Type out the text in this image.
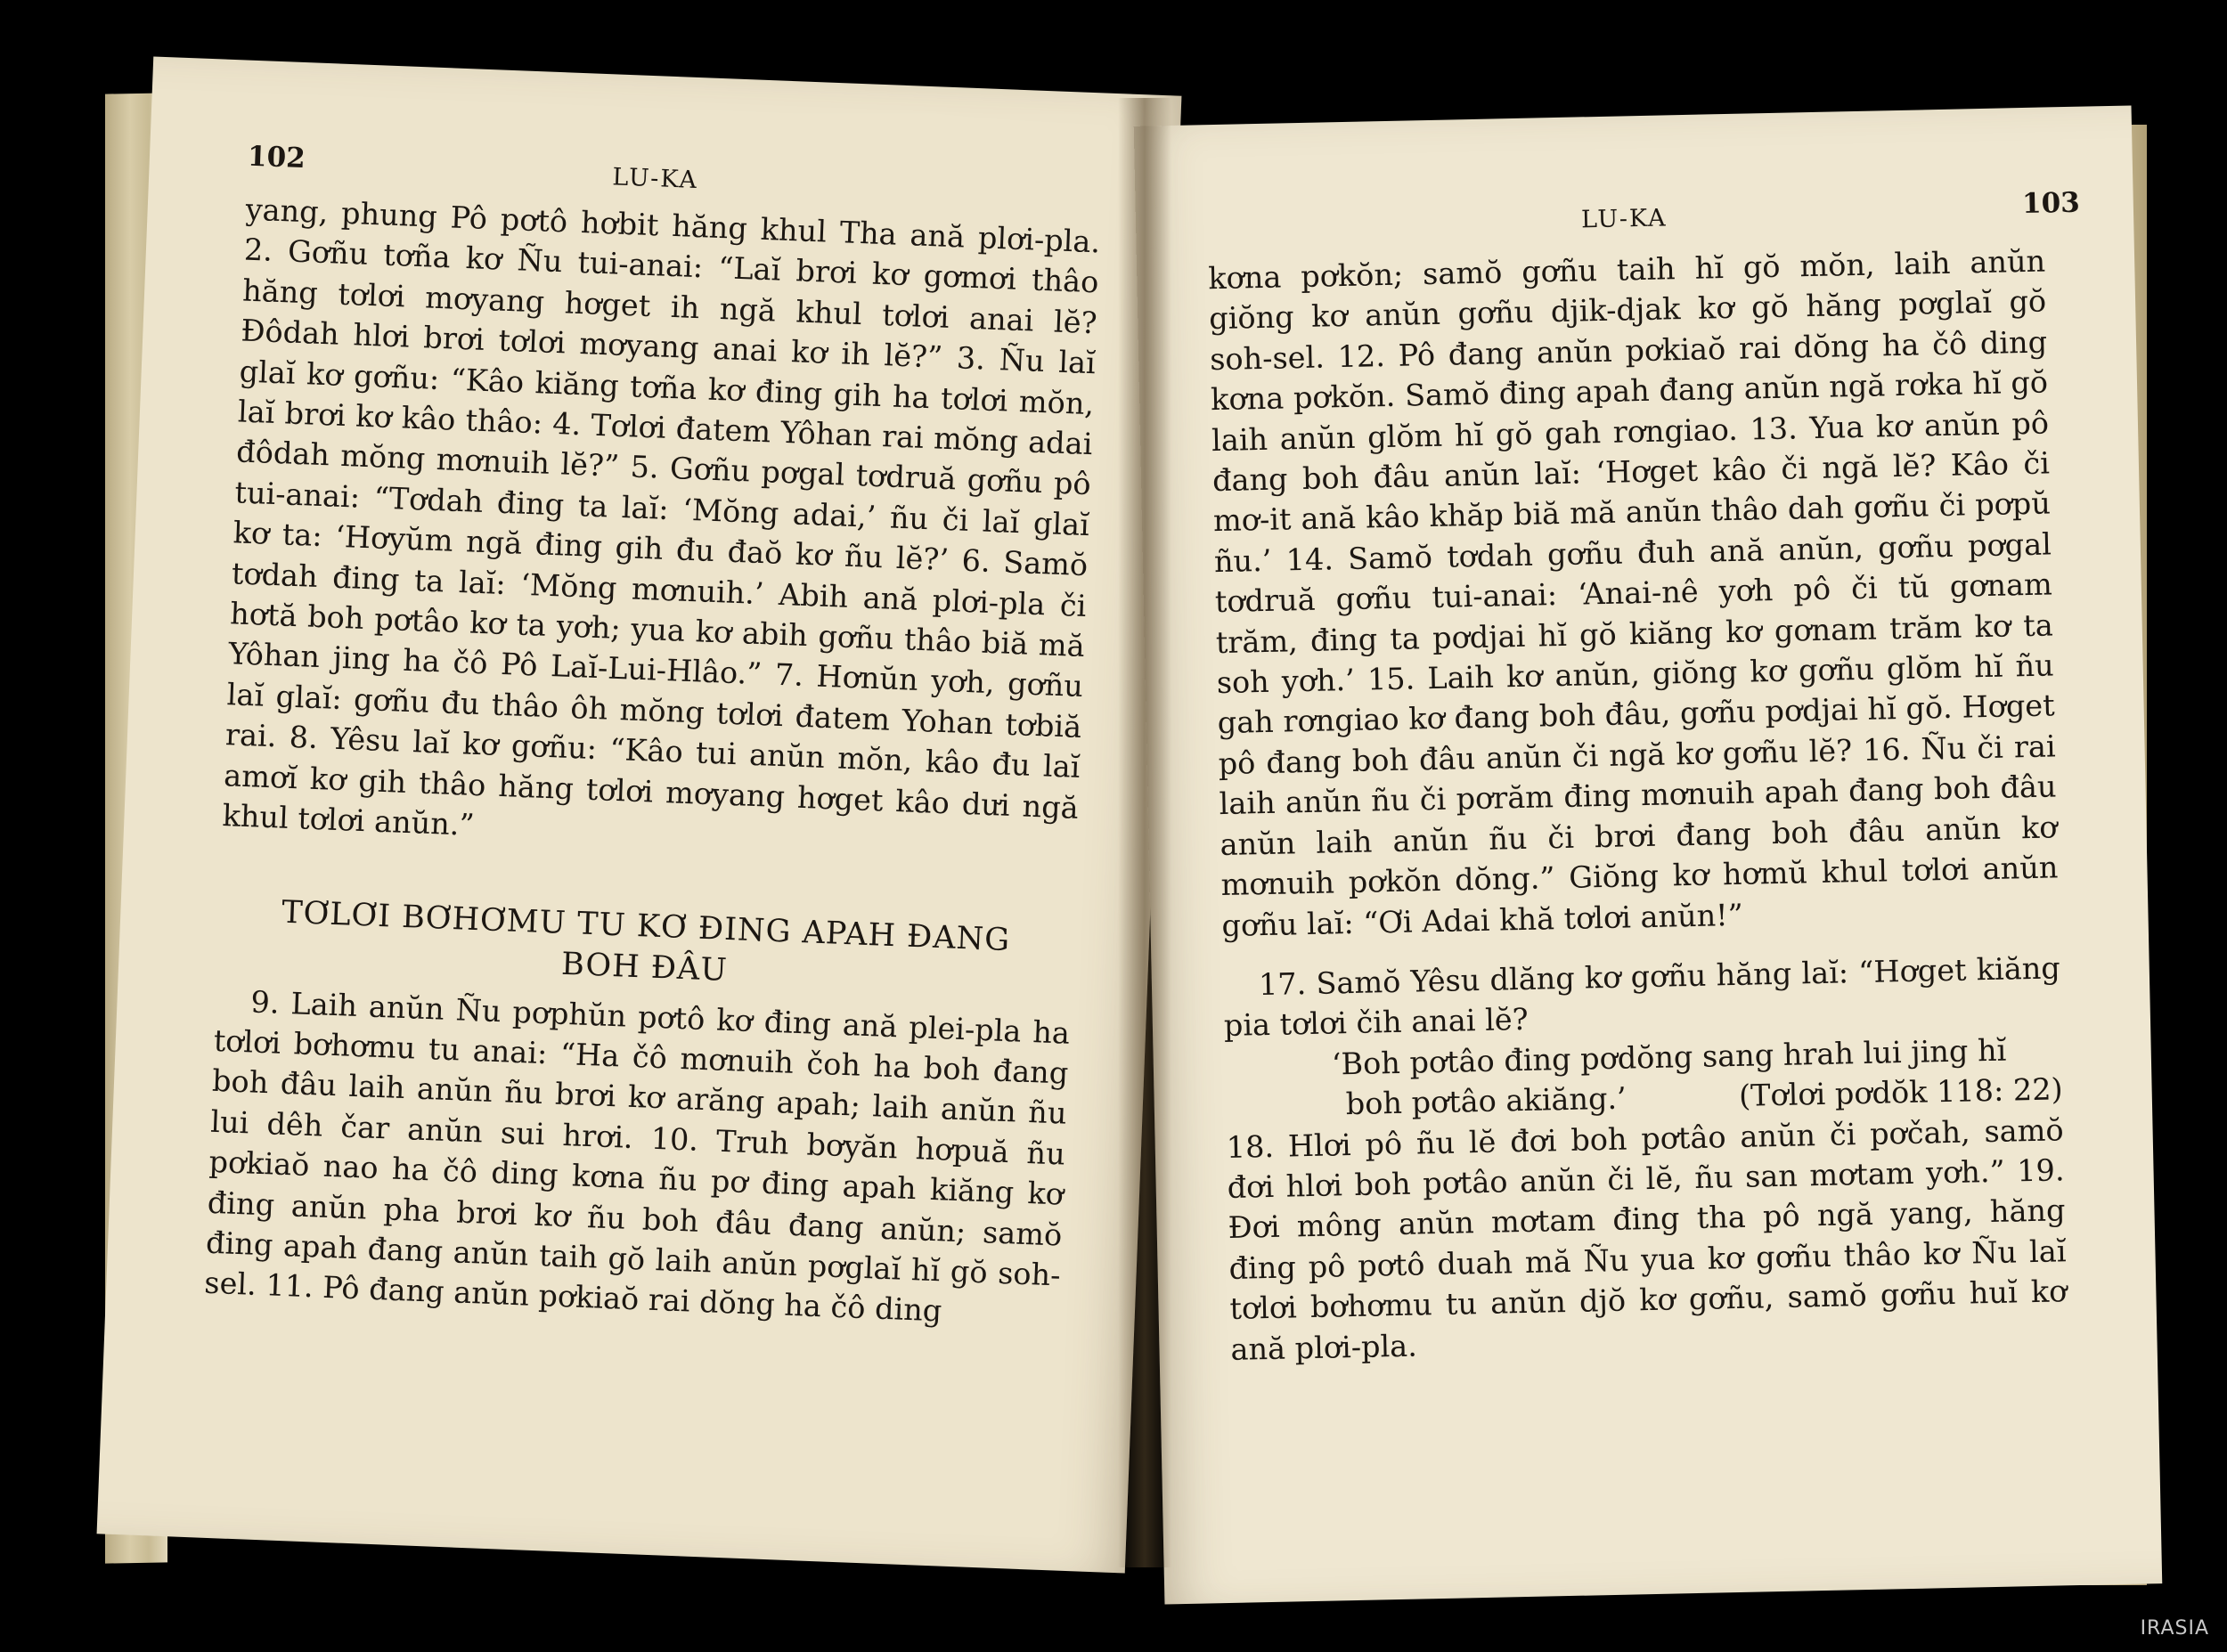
102
LU-KA

yang, phung Pô pơtô hơbit hăng khul Tha ană plơi-pla. 2. Gơñu tơña kơ Ñu tui-anai: “Laĭ brơi kơ gơmơi thâo hăng tơlơi mơyang hơget ih ngă khul tơlơi anai lĕ? Đôdah hlơi brơi tơlơi mơyang anai kơ ih lĕ?” 3. Ñu laĭ glaĭ kơ gơñu: “Kâo kiăng tơña kơ đing gih ha tơlơi mŏn, laĭ brơi kơ kâo thâo: 4. Tơlơi đatem Yôhan rai mŏng adai đôdah mŏng mơnuih lĕ?” 5. Gơñu pơgal tơdruă gơñu pô tui-anai: “Tơdah đing ta laĭ: ‘Mŏng adai,’ ñu či laĭ glaĭ kơ ta: ‘Hơyŭm ngă đing gih đu đaŏ kơ ñu lĕ?’ 6. Samŏ tơdah đing ta laĭ: ‘Mŏng mơnuih.’ Abih ană plơi-pla či hơtă boh pơtâo kơ ta yơh; yua kơ abih gơñu thâo biă mă Yôhan jing ha čô Pô Laĭ-Lui-Hlâo.” 7. Hơnŭn yơh, gơñu laĭ glaĭ: gơñu đu thâo ôh mŏng tơlơi đatem Yohan tơbiă rai. 8. Yêsu laĭ kơ gơñu: “Kâo tui anŭn mŏn, kâo đu laĭ amơĭ kơ gih thâo hăng tơlơi mơyang hơget kâo dưi ngă khul tơlơi anŭn.”

TƠLƠI BƠHƠMU TU KƠ ĐING APAH ĐANG
BOH ĐÂU

9. Laih anŭn Ñu pơphŭn pơtô kơ đing ană plei-pla ha tơlơi bơhơmu tu anai: “Ha čô mơnuih čoh ha boh đang boh đâu laih anŭn ñu brơi kơ arăng apah; laih anŭn ñu lui dêh čar anŭn sui hrơi. 10. Truh bơyăn hơpuă ñu pơkiaŏ nao ha čô ding kơna ñu pơ đing apah kiăng kơ đing anŭn pha brơi kơ ñu boh đâu đang anŭn; samŏ đing apah đang anŭn taih gŏ laih anŭn pơglaĭ hĭ gŏ soh-sel. 11. Pô đang anŭn pơkiaŏ rai dŏng ha čô ding

LU-KA	103

kơna pơkŏn; samŏ gơñu taih hĭ gŏ mŏn, laih anŭn giŏng kơ anŭn gơñu djik-djak kơ gŏ hăng pơglaĭ gŏ soh-sel. 12. Pô đang anŭn pơkiaŏ rai dŏng ha čô ding kơna pơkŏn. Samŏ đing apah đang anŭn ngă rơka hĭ gŏ laih anŭn glŏm hĭ gŏ gah rơngiao. 13. Yua kơ anŭn pô đang boh đâu anŭn laĭ: ‘Hơget kâo či ngă lĕ? Kâo či mơ-it ană kâo khăp biă mă anŭn thâo dah gơñu či pơpŭ ñu.’ 14. Samŏ tơdah gơñu đuh ană anŭn, gơñu pơgal tơdruă gơñu tui-anai: ‘Anai-nê yơh pô či tŭ gơnam trăm, đing ta pơdjai hĭ gŏ kiăng kơ gơnam trăm kơ ta soh yơh.’ 15. Laih kơ anŭn, giŏng kơ gơñu glŏm hĭ ñu gah rơngiao kơ đang boh đâu, gơñu pơdjai hĭ gŏ. Hơget pô đang boh đâu anŭn či ngă kơ gơñu lĕ? 16. Ñu či rai laih anŭn ñu či pơrăm đing mơnuih apah đang boh đâu anŭn laih anŭn ñu či brơi đang boh đâu anŭn kơ mơnuih pơkŏn dŏng.” Giŏng kơ hơmŭ khul tơlơi anŭn gơñu laĭ: “Ơi Adai khă tơlơi anŭn!”

17. Samŏ Yêsu dlăng kơ gơñu hăng laĭ: “Hơget kiăng pia tơlơi čih anai lĕ?

‘Boh pơtâo đing pơdŏng sang hrah lui jing hĭ
boh pơtâo akiăng.’	(Tơlơi pơdŏk 118: 22)

18. Hlơi pô ñu lĕ đơi boh pơtâo anŭn či pơčah, samŏ đơi hlơi boh pơtâo anŭn či lĕ, ñu san mơtam yơh.” 19. Đơi mông anŭn mơtam đing tha pô ngă yang, hăng đing pô pơtô duah mă Ñu yua kơ gơñu thâo kơ Ñu laĭ tơlơi bơhơmu tu anŭn djŏ kơ gơñu, samŏ gơñu huĭ kơ ană plơi-pla.

IRASIA
